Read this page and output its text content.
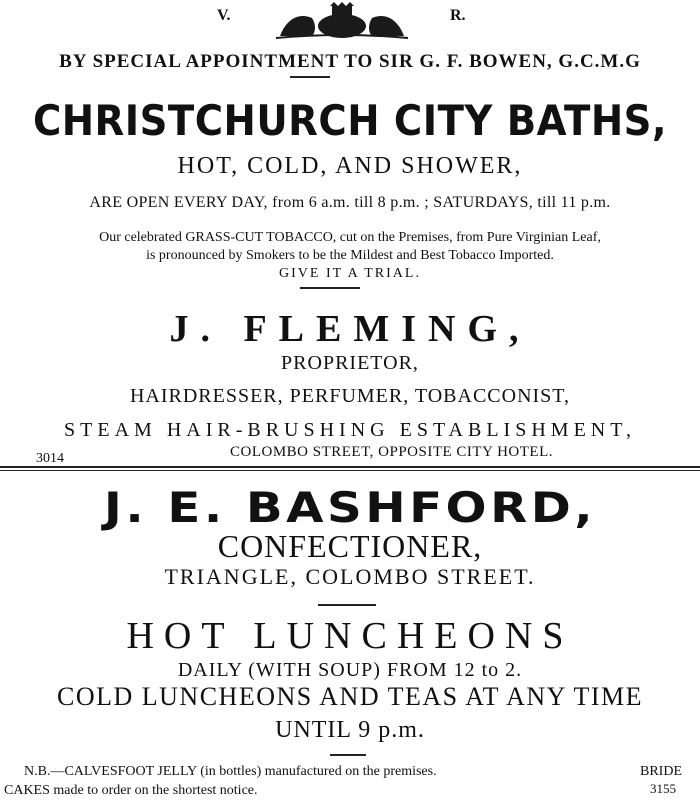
V.	R.
BY SPECIAL APPOINTMENT TO SIR G. F. BOWEN, G.C.M.G
CHRISTCHURCH CITY BATHS,
HOT, COLD, AND SHOWER,
ARE OPEN EVERY DAY, from 6 a.m. till 8 p.m. ; SATURDAYS, till 11 p.m.
Our celebrated GRASS-CUT TOBACCO, cut on the Premises, from Pure Virginian Leaf,
is pronounced by Smokers to be the Mildest and Best Tobacco Imported.
GIVE IT A TRIAL.
J. FLEMING,
PROPRIETOR,
HAIRDRESSER, PERFUMER, TOBACCONIST,
STEAM HAIR-BRUSHING ESTABLISHMENT,
3014	COLOMBO STREET, OPPOSITE CITY HOTEL.
J. E. BASHFORD,
CONFECTIONER,
TRIANGLE, COLOMBO STREET.
HOT LUNCHEONS
DAILY (WITH SOUP) FROM 12 to 2.
COLD LUNCHEONS AND TEAS AT ANY TIME
UNTIL 9 p.m.
N.B.—CALVESFOOT JELLY (in bottles) manufactured on the premises.	BRIDE
CAKES made to order on the shortest notice.	3155
